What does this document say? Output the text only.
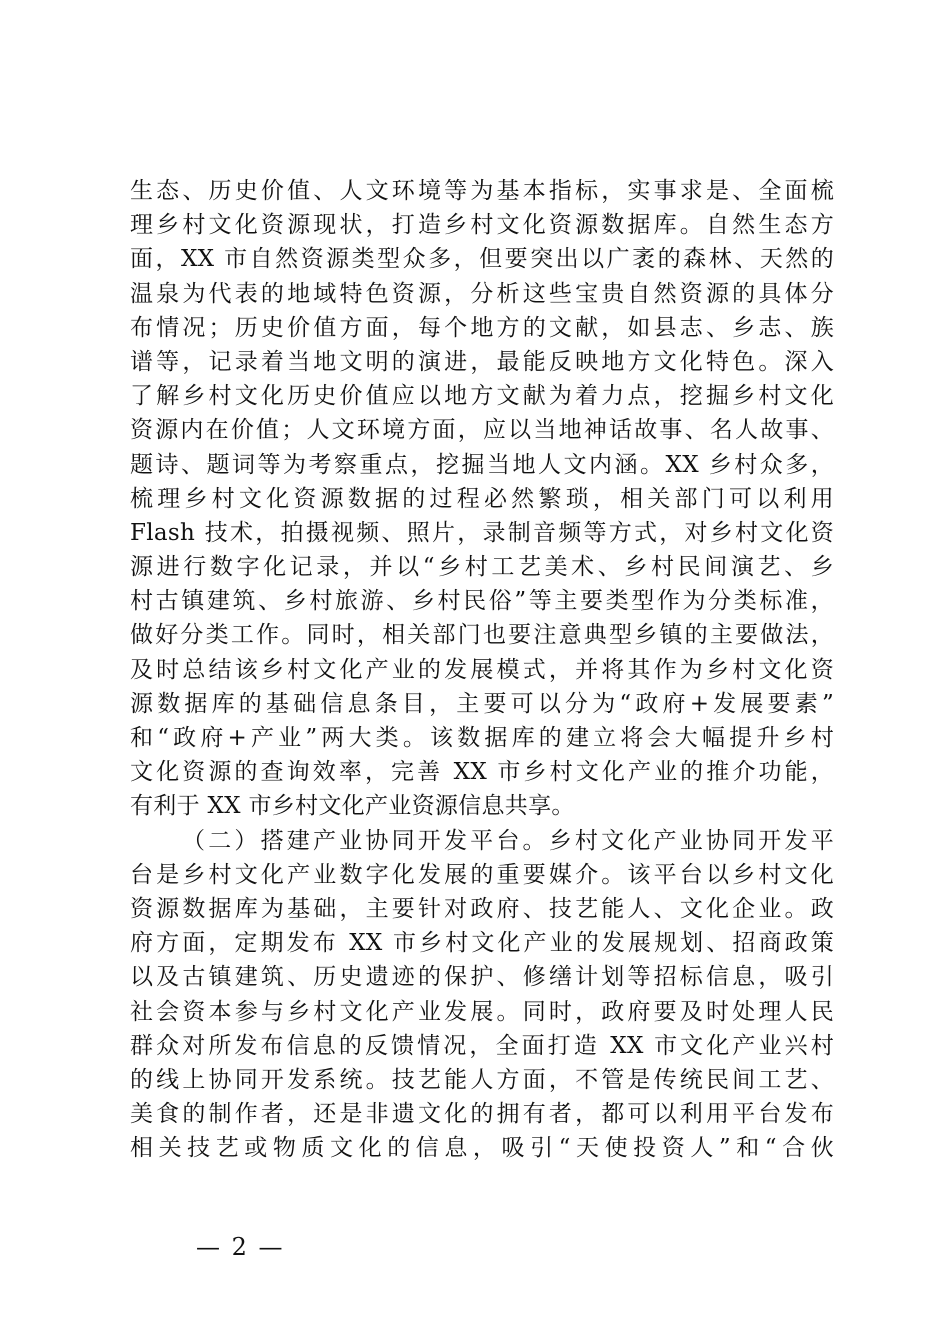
生态、历史价值、人文环境等为基本指标，实事求是、全面梳
理乡村文化资源现状，打造乡村文化资源数据库。自然生态方
面，XX 市自然资源类型众多，但要突出以广袤的森林、天然的
温泉为代表的地域特色资源，分析这些宝贵自然资源的具体分
布情况；历史价值方面，每个地方的文献，如县志、乡志、族
谱等，记录着当地文明的演进，最能反映地方文化特色。深入
了解乡村文化历史价值应以地方文献为着力点，挖掘乡村文化
资源内在价值；人文环境方面，应以当地神话故事、名人故事、
题诗、题词等为考察重点，挖掘当地人文内涵。XX 乡村众多，
梳理乡村文化资源数据的过程必然繁琐，相关部门可以利用
Flash 技术，拍摄视频、照片，录制音频等方式，对乡村文化资
源进行数字化记录，并以“乡村工艺美术、乡村民间演艺、乡
村古镇建筑、乡村旅游、乡村民俗”等主要类型作为分类标准，
做好分类工作。同时，相关部门也要注意典型乡镇的主要做法，
及时总结该乡村文化产业的发展模式，并将其作为乡村文化资
源数据库的基础信息条目，主要可以分为“政府+发展要素”
和“政府+产业”两大类。该数据库的建立将会大幅提升乡村
文化资源的查询效率，完善 XX 市乡村文化产业的推介功能，
有利于 XX 市乡村文化产业资源信息共享。
（二）搭建产业协同开发平台。乡村文化产业协同开发平
台是乡村文化产业数字化发展的重要媒介。该平台以乡村文化
资源数据库为基础，主要针对政府、技艺能人、文化企业。政
府方面，定期发布 XX 市乡村文化产业的发展规划、招商政策
以及古镇建筑、历史遗迹的保护、修缮计划等招标信息，吸引
社会资本参与乡村文化产业发展。同时，政府要及时处理人民
群众对所发布信息的反馈情况，全面打造 XX 市文化产业兴村
的线上协同开发系统。技艺能人方面，不管是传统民间工艺、
美食的制作者，还是非遗文化的拥有者，都可以利用平台发布
相关技艺或物质文化的信息，吸引“天使投资人”和“合伙
— 2 —
